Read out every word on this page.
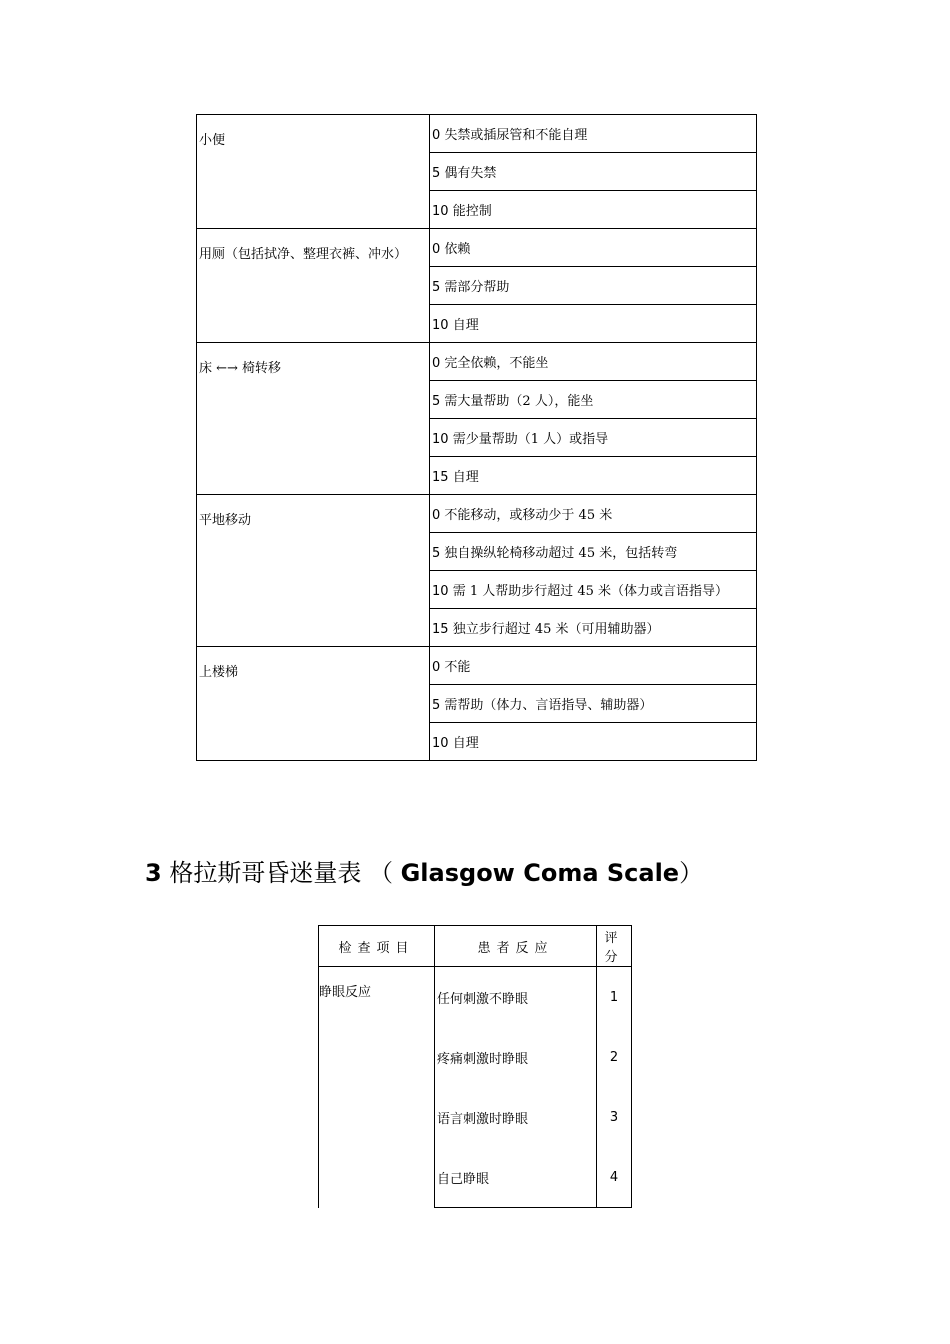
小便	0 失禁或插尿管和不能自理
	5 偶有失禁
	10 能控制
用厕（包括拭净、整理衣裤、冲水）	0 依赖
	5 需部分帮助
	10 自理
床 ←→ 椅转移	0 完全依赖，不能坐
	5 需大量帮助（2 人），能坐
	10 需少量帮助（1 人）或指导
	15 自理
平地移动	0 不能移动，或移动少于 45 米
	5 独自操纵轮椅移动超过 45 米，包括转弯
	10 需 1 人帮助步行超过 45 米（体力或言语指导）
	15 独立步行超过 45 米（可用辅助器）
上楼梯	0 不能
	5 需帮助（体力、言语指导、辅助器）
	10 自理
3 格拉斯哥昏迷量表 （ Glasgow Coma Scale）
检查项目	患者反应	评分
睁眼反应	任何刺激不睁眼	1
	疼痛刺激时睁眼	2
	语言刺激时睁眼	3
	自己睁眼	4
